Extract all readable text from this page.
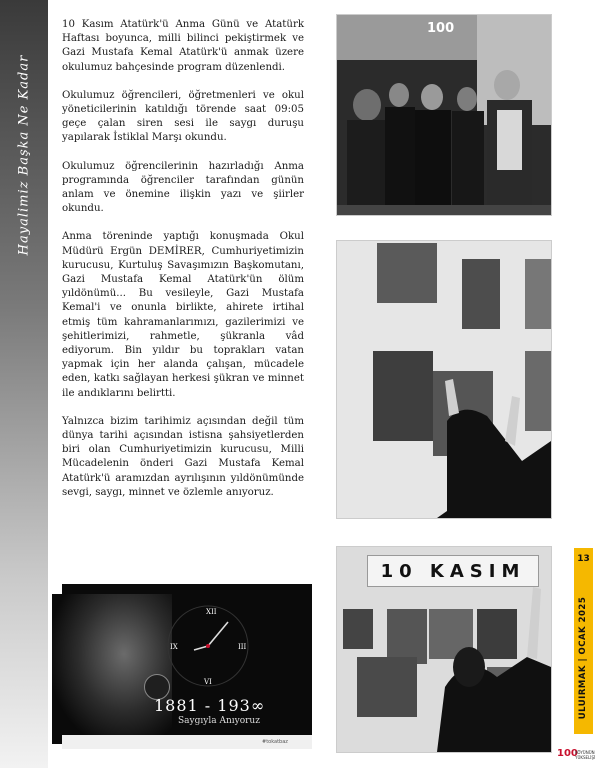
Hayalimiz Başka Ne Kadar

10 Kasım Atatürk'ü Anma Günü ve Atatürk Haftası boyunca, milli bilinci pekiştirmek ve Gazi Mustafa Kemal Atatürk'ü anmak üzere okulumuz bahçesinde program düzenlendi.

Okulumuz öğrencileri, öğretmenleri ve okul yöneticilerinin katıldığı törende saat 09:05 geçe çalan siren sesi ile saygı duruşu yapılarak İstiklal Marşı okundu.

Okulumuz öğrencilerinin hazırladığı Anma programında öğrenciler tarafından günün anlam ve önemine ilişkin yazı ve şiirler okundu.

Anma töreninde yaptığı konuşmada Okul Müdürü Ergün DEMİRER, Cumhuriyetimizin kurucusu, Kurtuluş Savaşımızın Başkomutanı, Gazi Mustafa Kemal Atatürk'ün ölüm yıldönümü... Bu vesileyle, Gazi Mustafa Kemal'i ve onunla birlikte, ahirete irtihal etmiş tüm kahramanlarımızı, gazilerimizi ve şehitlerimizi, rahmetle, şükranla vâd ediyorum. Bin yıldır bu toprakları vatan yapmak için her alanda çalışan, mücadele eden, katkı sağlayan herkesi şükran ve minnet ile andıklarını belirtti.

Yalnızca bizim tarihimiz açısından değil tüm dünya tarihi açısından istisna şahsiyetlerden biri olan Cumhuriyetimizin kurucusu, Milli Mücadelenin önderi Gazi Mustafa Kemal Atatürk'ü aramızdan ayrılışının yıldönümünde sevgi, saygı, minnet ve özlemle anıyoruz.

100
10 KASIM
XII
III
VI
IX
1881 - 193∞
Saygıyla Anıyoruz
#tokatbaz
13
ULUIRMAK | OCAK 2025
100
KÖYÜNÜN YÜKSELİŞİ
